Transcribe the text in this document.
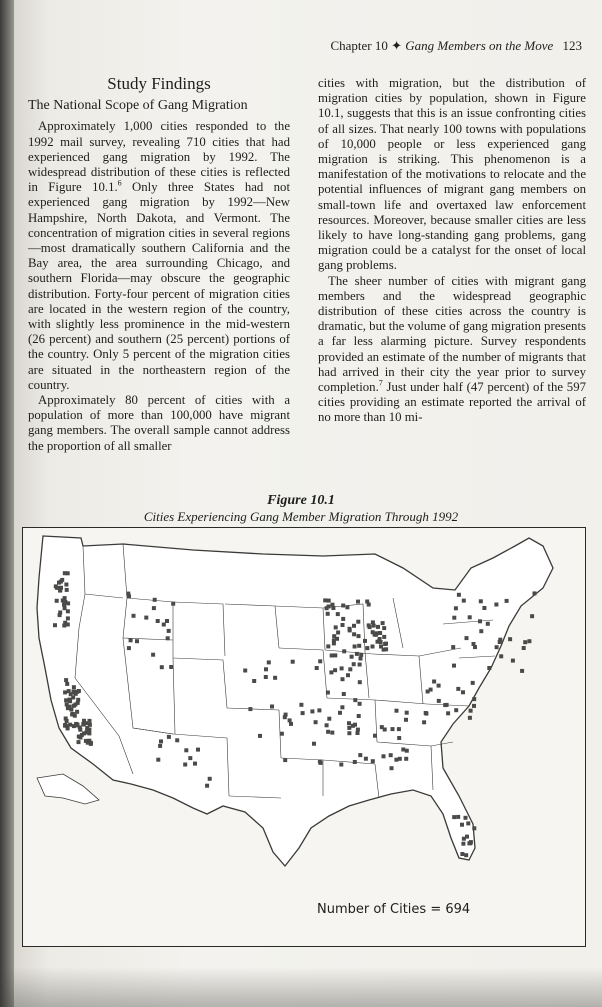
Chapter 10 ✦ Gang Members on the Move 123
Study Findings
The National Scope of Gang Migration

Approximately 1,000 cities responded to the 1992 mail survey, revealing 710 cities that had experienced gang migration by 1992. The widespread distribution of these cities is reflected in Figure 10.1.$^6$ Only three States had not experienced gang migration by 1992—New Hampshire, North Dakota, and Vermont. The concentration of migration cities in several regions—most dramatically southern California and the Bay area, the area surrounding Chicago, and southern Florida—may obscure the geographic distribution. Forty-four percent of migration cities are located in the western region of the country, with slightly less prominence in the mid-western (26 percent) and southern (25 percent) portions of the country. Only 5 percent of the migration cities are situated in the northeastern region of the country.

Approximately 80 percent of cities with a population of more than 100,000 have migrant gang members. The overall sample cannot address the proportion of all smaller

cities with migration, but the distribution of migration cities by population, shown in Figure 10.1, suggests that this is an issue confronting cities of all sizes. That nearly 100 towns with populations of 10,000 people or less experienced gang migration is striking. This phenomenon is a manifestation of the motivations to relocate and the potential influences of migrant gang members on small-town life and overtaxed law enforcement resources. Moreover, because smaller cities are less likely to have long-standing gang problems, gang migration could be a catalyst for the onset of local gang problems.

The sheer number of cities with migrant gang members and the widespread geographic distribution of these cities across the country is dramatic, but the volume of gang migration presents a far less alarming picture. Survey respondents provided an estimate of the number of migrants that had arrived in their city the year prior to survey completion.$^7$ Just under half (47 percent) of the 597 cities providing an estimate reported the arrival of no more than 10 mi-

Figure 10.1
Cities Experiencing Gang Member Migration Through 1992
Number of Cities = 694
